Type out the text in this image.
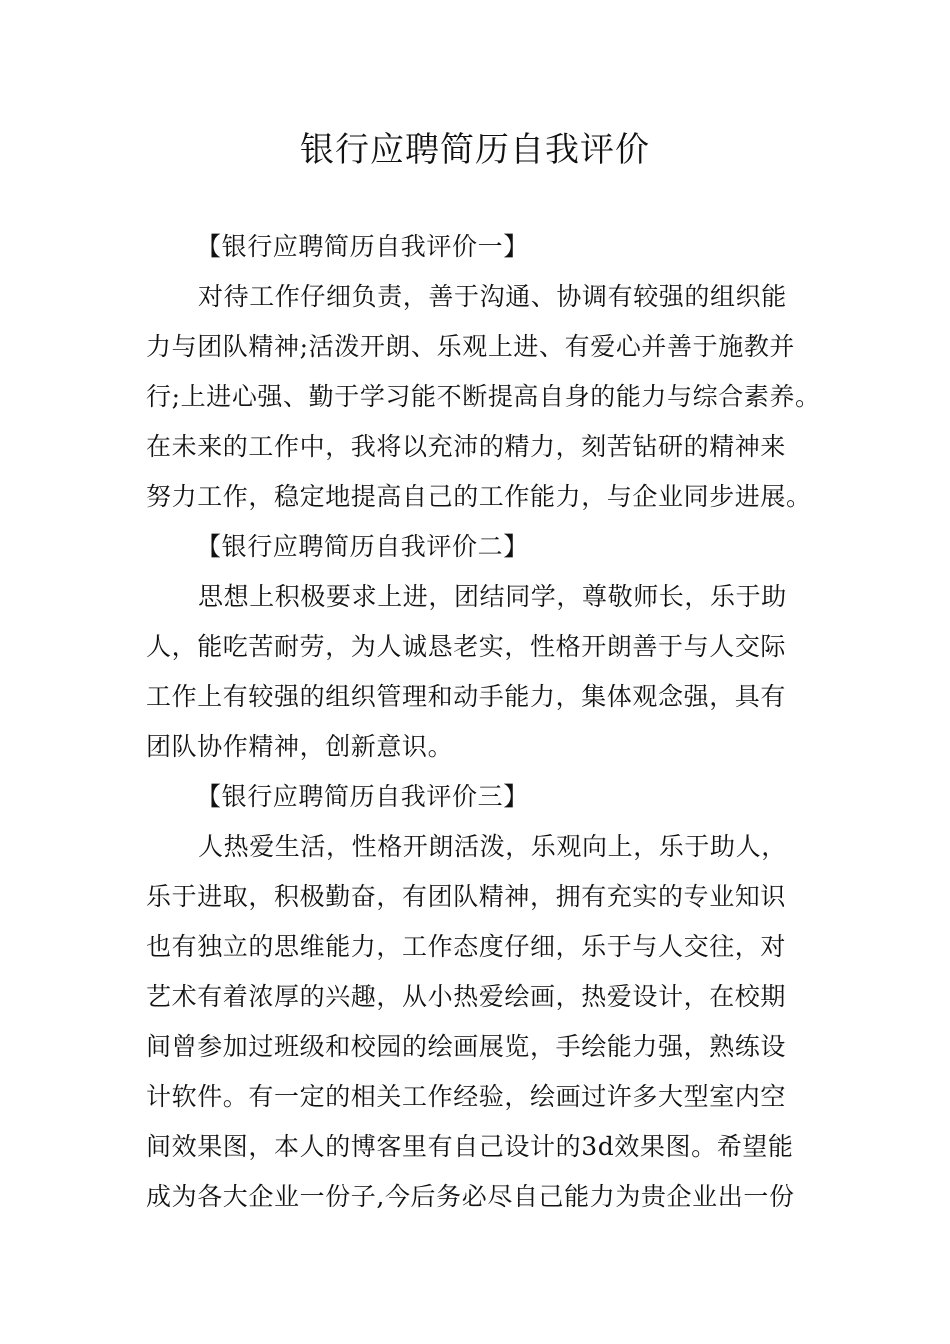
银行应聘简历自我评价
【银行应聘简历自我评价一】

对待工作仔细负责，善于沟通、协调有较强的组织能

力与团队精神;活泼开朗、乐观上进、有爱心并善于施教并

行;上进心强、勤于学习能不断提高自身的能力与综合素养。

在未来的工作中，我将以充沛的精力，刻苦钻研的精神来

努力工作，稳定地提高自己的工作能力，与企业同步进展。

【银行应聘简历自我评价二】

思想上积极要求上进，团结同学，尊敬师长，乐于助

人，能吃苦耐劳，为人诚恳老实，性格开朗善于与人交际

工作上有较强的组织管理和动手能力，集体观念强，具有

团队协作精神，创新意识。

【银行应聘简历自我评价三】

人热爱生活，性格开朗活泼，乐观向上，乐于助人，

乐于进取，积极勤奋，有团队精神，拥有充实的专业知识

也有独立的思维能力，工作态度仔细，乐于与人交往，对

艺术有着浓厚的兴趣，从小热爱绘画，热爱设计，在校期

间曾参加过班级和校园的绘画展览，手绘能力强，熟练设

计软件。有一定的相关工作经验，绘画过许多大型室内空

间效果图，本人的博客里有自己设计的3d效果图。希望能

成为各大企业一份子,今后务必尽自己能力为贵企业出一份
